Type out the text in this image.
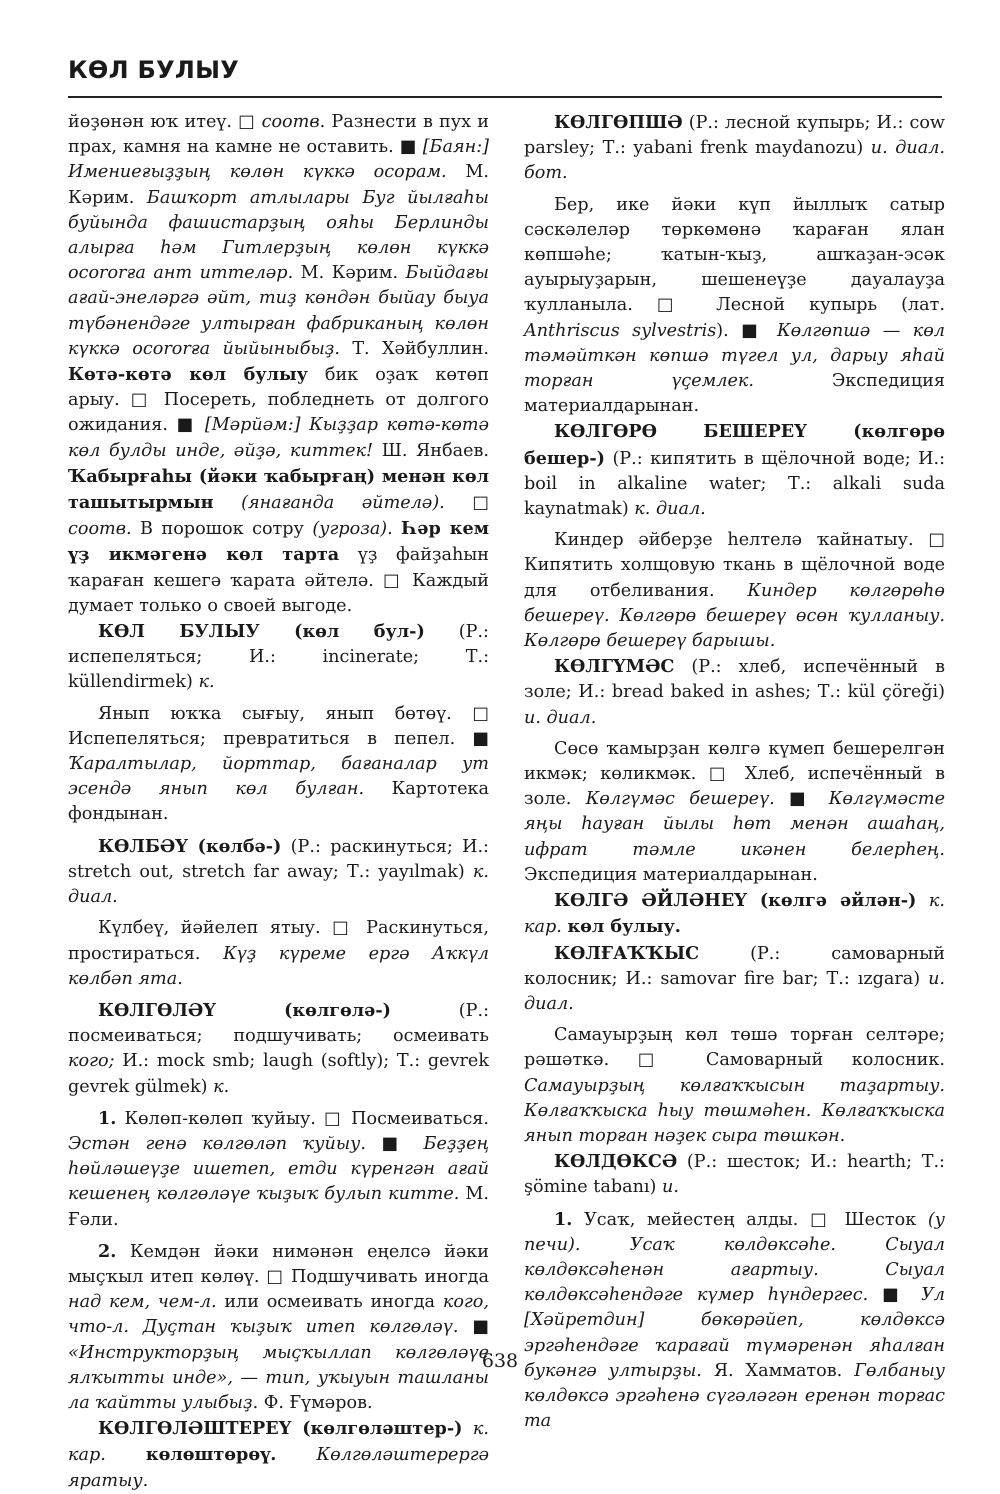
КӨЛ БУЛЫУ

йөҙөнән юҡ итеү. □ соотв. Разнести в пух и прах, камня на камне не оставить. ■ [Баян:] Имениеғыҙҙың көлөн күккә осорам. М. Кәрим. Башҡорт атлылары Буг йылғаһы буйында фашистарҙың ояһы Берлинды алырға һәм Гитлерҙың көлөн күккә осororға ант иттеләр. М. Кәрим. Быйдағы ағай-энеләргә әйт, тиҙ көндән быйау быуа түбәнендәге ултырған фабриканың көлөн күккә осororға йыйыныбыҙ. Т. Хәйбуллин. Көтә-көтә көл булыу бик оҙаҡ көтөп арыу. □ Посереть, побледнеть от долгого ожидания. ■ [Мәрйәм:] Кыҙҙар көтә-көтә көл булды инде, әйҙә, киттек! Ш. Янбаев. Ҡабырғаһы (йәки ҡабырғаң) менән көл ташытырмын (янағанда әйтелә). □ соотв. В порошок сотру (угроза). Һәр кем үҙ икмәгенә көл тарта үҙ файҙаһын ҡараған кешегә ҡарата әйтелә. □ Каждый думает только о своей выгоде.

КӨЛ БУЛЫУ (көл бул-) (Р.: испепеляться; И.: incinerate; Т.: küllendirmek) к.

Янып юҡҡа сығыу, янып бөтөү. □ Испепеляться; превратиться в пепел. ■ Ҡаралтылар, йорттар, бағаналар ут эсендә янып көл булған. Картотека фондынан.

КӨЛБӘҮ (көлбә-) (Р.: раскинуться; И.: stretch out, stretch far away; Т.: yayılmak) к. диал.

Күлбеү, йәйелеп ятыу. □ Раскинуться, простираться. Күҙ күреме ергә Аҡкүл көлбәп ята.

КӨЛГӨЛӘҮ (көлгөлә-) (Р.: посмеиваться; подшучивать; осмеивать кого; И.: mock smb; laugh (softly); Т.: gevrek gevrek gülmek) к.

1. Көлөп-көлөп ҡуйыу. □ Посмеиваться. Эстән генә көлгөләп ҡуйыу. ■ Беҙҙең һөйләшеүҙе ишетеп, етди күренгән ағай кешенең көлгөләүе ҡыҙыҡ булып китте. М. Ғәли.

2. Кемдән йәки нимәнән еңелсә йәки мыҫҡыл итеп көлөү. □ Подшучивать иногда над кем, чем-л. или осмеивать иногда кого, что-л. Дуҫтан ҡыҙыҡ итеп көлгөләү. ■ «Инструкторҙың мыҫҡыллап көлгөләүе ялҡытты инде», — тип, уҡыуын ташланы ла ҡайтты улыбыҙ. Ф. Ғүмәров.

КӨЛГӨЛӘШТЕРЕҮ (көлгөләштер-) к. кар. көлөштөрөү. Көлгөләштерергә яратыу.

КӨЛГӨПШӘ (Р.: лесной купырь; И.: cow parsley; Т.: yabani frenk maydanozu) и. диал. бот.

Бер, ике йәки күп йыллыҡ сатыр сәскәлеләр төркөмөнә ҡараған ялан көпшәһе; ҡатын-ҡыҙ, ашҡаҙан-эсәк ауырыуҙарын, шешенеүҙе дауалауҙа ҡулланыла. □ Лесной купырь (лат. Anthriscus sylvestris). ■ Көлгөпшә — көл тәмәйткән көпшә түгел ул, дарыу яһай торған үҫемлек. Экспедиция материалдарынан.

КӨЛГӨРӨ БЕШЕРЕҮ (көлгөрө бешер-) (Р.: кипятить в щёлочной воде; И.: boil in alkaline water; Т.: alkali suda kaynatmak) к. диал.

Киндер әйберҙе һелтелә ҡайнатыу. □ Кипятить холщовую ткань в щёлочной воде для отбеливания. Киндер көлгөрөһө бешереү. Көлгөрө бешереү өсөн ҡулланыу. Көлгөрө бешереү барышы.

КӨЛГҮМӘС (Р.: хлеб, испечённый в золе; И.: bread baked in ashes; Т.: kül çöreği) и. диал.

Сөсө ҡамырҙан көлгә күмеп бешерелгән икмәк; көликмәк. □ Хлеб, испечённый в золе. Көлгүмәс бешереү. ■ Көлгүмәсте яңы һауған йылы һөт менән ашаһаң, ифрат тәмле икәнен белерһең. Экспедиция материалдарынан.

КӨЛГӘ ӘЙЛӘНЕҮ (көлгә әйлән-) к. кар. көл булыу.

КӨЛҒАҠҠЫС (Р.: самоварный колосник; И.: samovar fire bar; Т.: ızgara) и. диал.

Самауырҙың көл төшә торған селтәре; рәшәткә. □ Самоварный колосник. Самауырҙың көлғаҡҡысын таҙартыу. Көлғаҡҡыска һыу төшмәһен. Көлғаҡҡыска янып торған нәҙек сыра төшкән.

КӨЛДӨКСӘ (Р.: шесток; И.: hearth; Т.: şömine tabanı) и.

1. Усаҡ, мейестең алды. □ Шесток (у печи). Усаҡ көлдөксәһе. Сыуал көлдөксәһенән ағартыу. Сыуал көлдөксәһендәге күмер һүндергес. ■ Ул [Хәйретдин] бөкөрәйеп, көлдөксә эргәһендәге ҡарағай түмәренән яһалған букәнгә ултырҙы. Я. Хамматов. Гөлбаныу көлдөксә эргәһенә сүгәләгән еренән торғас та

638
